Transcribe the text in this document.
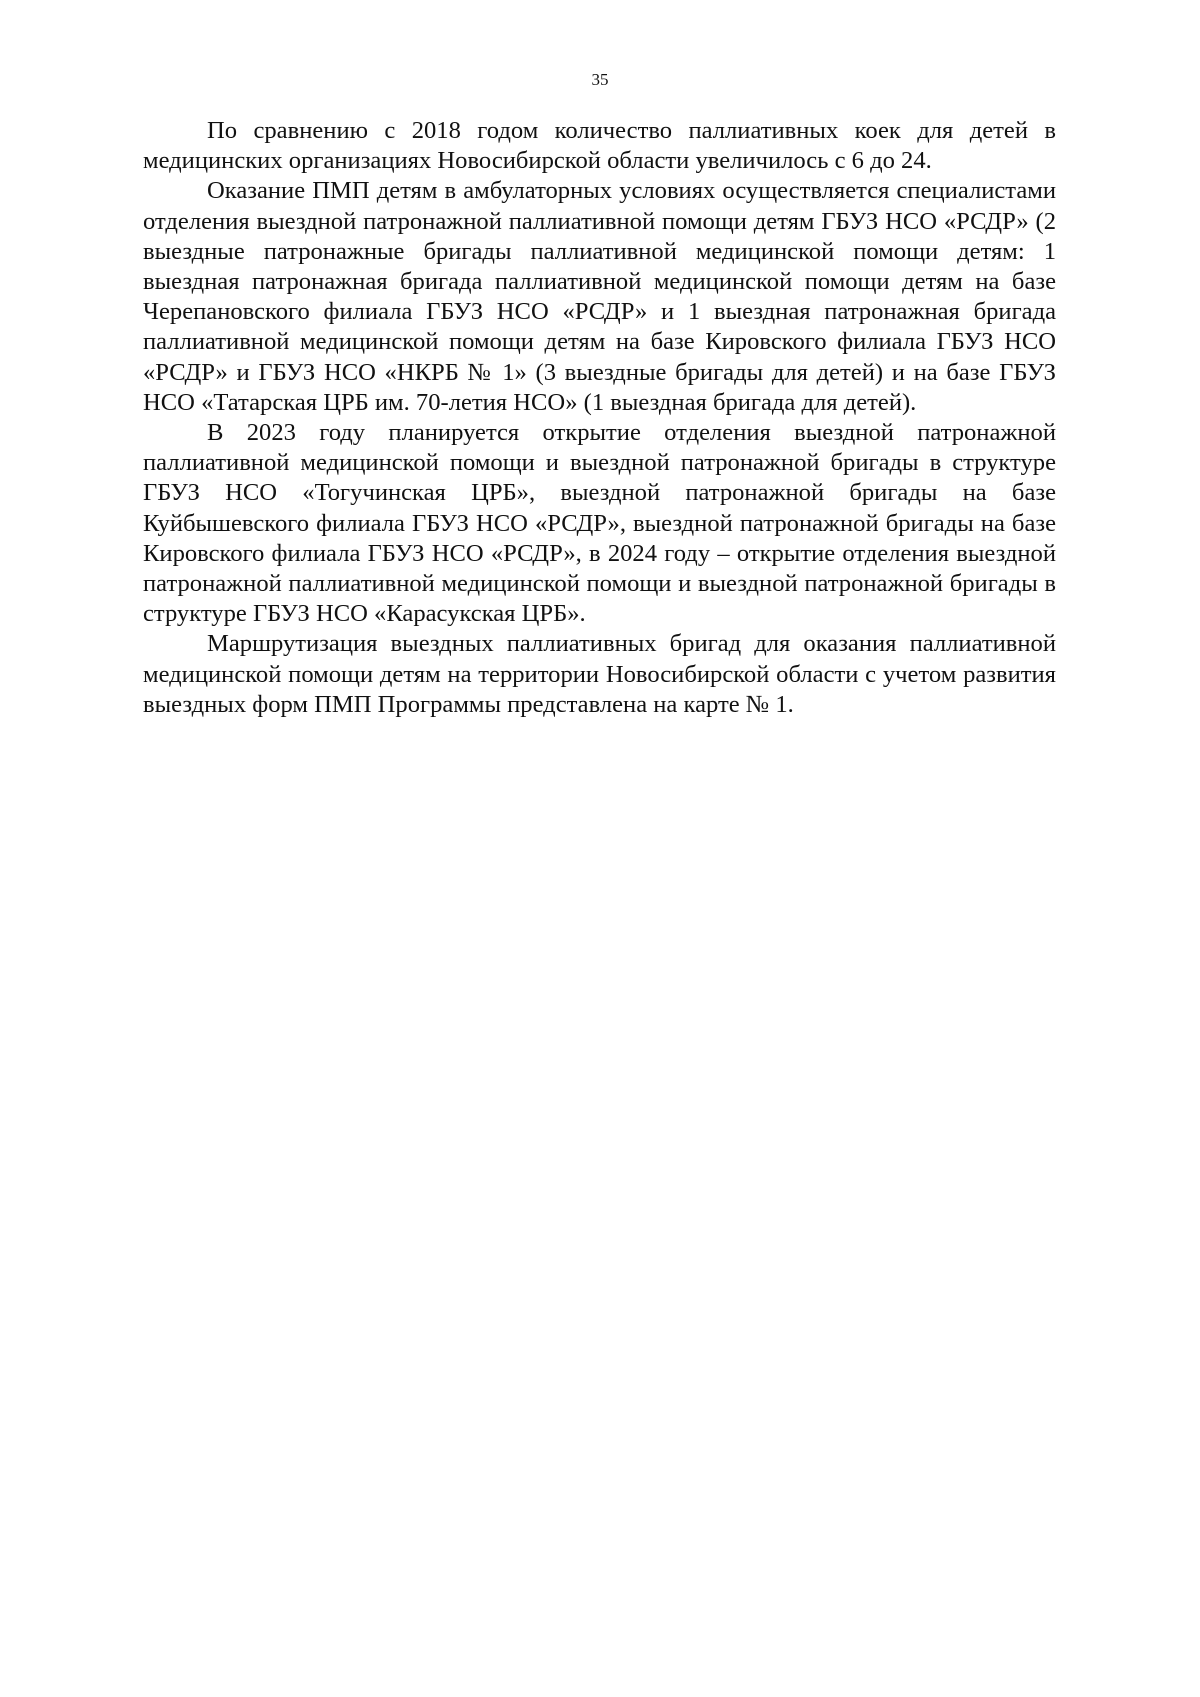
35

По сравнению с 2018 годом количество паллиативных коек для детей в медицинских организациях Новосибирской области увеличилось с 6 до 24.

Оказание ПМП детям в амбулаторных условиях осуществляется специалистами отделения выездной патронажной паллиативной помощи детям ГБУЗ НСО «РСДР» (2 выездные патронажные бригады паллиативной медицинской помощи детям: 1 выездная патронажная бригада паллиативной медицинской помощи детям на базе Черепановского филиала ГБУЗ НСО «РСДР» и 1 выездная патронажная бригада паллиативной медицинской помощи детям на базе Кировского филиала ГБУЗ НСО «РСДР» и ГБУЗ НСО «НКРБ № 1» (3 выездные бригады для детей) и на базе ГБУЗ НСО «Татарская ЦРБ им. 70-летия НСО» (1 выездная бригада для детей).

В 2023 году планируется открытие отделения выездной патронажной паллиативной медицинской помощи и выездной патронажной бригады в структуре ГБУЗ НСО «Тогучинская ЦРБ», выездной патронажной бригады на базе Куйбышевского филиала ГБУЗ НСО «РСДР», выездной патронажной бригады на базе Кировского филиала ГБУЗ НСО «РСДР», в 2024 году – открытие отделения выездной патронажной паллиативной медицинской помощи и выездной патронажной бригады в структуре ГБУЗ НСО «Карасукская ЦРБ».

Маршрутизация выездных паллиативных бригад для оказания паллиативной медицинской помощи детям на территории Новосибирской области с учетом развития выездных форм ПМП Программы представлена на карте № 1.
